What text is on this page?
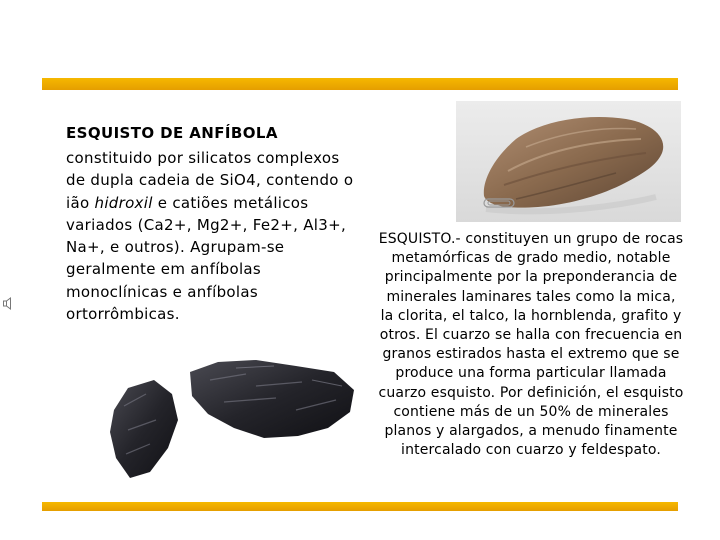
ESQUISTO DE ANFÍBOLA

constituido por silicatos complexos

de dupla cadeia de SiO4, contendo o

ião hidroxil e catiões metálicos

variados (Ca2+, Mg2+, Fe2+, Al3+,

Na+, e outros). Agrupam-se

geralmente em anfíbolas

monoclínicas e anfíbolas

ortorrômbicas.

ESQUISTO.- constituyen un grupo de rocas metamórficas de grado medio, notable principalmente por la preponderancia de minerales laminares tales como la mica, la clorita, el talco, la hornblenda, grafito y otros. El cuarzo se halla con frecuencia en granos estirados hasta el extremo que se produce una forma particular llamada cuarzo esquisto. Por definición, el esquisto contiene más de un 50% de minerales planos y alargados, a menudo finamente intercalado con cuarzo y feldespato.
